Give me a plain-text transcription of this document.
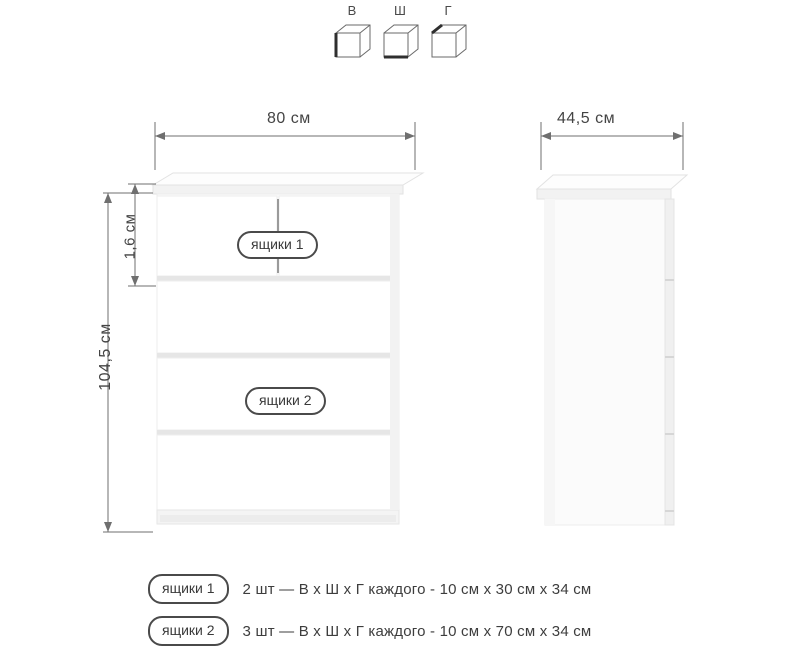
В	Ш	Г
80 см
104,5 см
1,6 см	ящики 1
ящики 2
44,5 см
ящики 1	2 шт — В х Ш х Г каждого - 10 см х 30 см х 34 см
ящики 2	3 шт — В х Ш х Г каждого - 10 см х 70 см х 34 см
